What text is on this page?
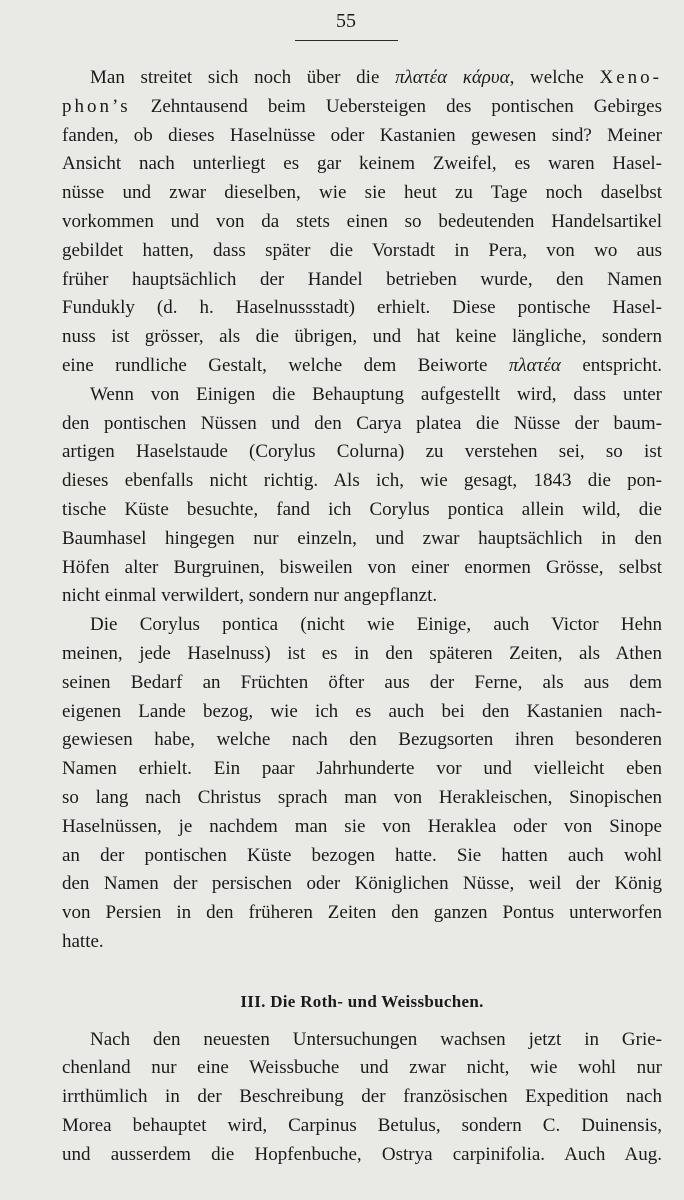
55
Man streitet sich noch über die πλατέα κάρυα, welche Xeno-
phon’s Zehntausend beim Uebersteigen des pontischen Gebirges
fanden, ob dieses Haselnüsse oder Kastanien gewesen sind? Meiner
Ansicht nach unterliegt es gar keinem Zweifel, es waren Hasel-
nüsse und zwar dieselben, wie sie heut zu Tage noch daselbst
vorkommen und von da stets einen so bedeutenden Handelsartikel
gebildet hatten, dass später die Vorstadt in Pera, von wo aus
früher hauptsächlich der Handel betrieben wurde, den Namen
Fundukly (d. h. Haselnussstadt) erhielt. Diese pontische Hasel-
nuss ist grösser, als die übrigen, und hat keine längliche, sondern
eine rundliche Gestalt, welche dem Beiworte πλατέα entspricht.
Wenn von Einigen die Behauptung aufgestellt wird, dass unter
den pontischen Nüssen und den Carya platea die Nüsse der baum-
artigen Haselstaude (Corylus Colurna) zu verstehen sei, so ist
dieses ebenfalls nicht richtig. Als ich, wie gesagt, 1843 die pon-
tische Küste besuchte, fand ich Corylus pontica allein wild, die
Baumhasel hingegen nur einzeln, und zwar hauptsächlich in den
Höfen alter Burgruinen, bisweilen von einer enormen Grösse, selbst
nicht einmal verwildert, sondern nur angepflanzt.
Die Corylus pontica (nicht wie Einige, auch Victor Hehn
meinen, jede Haselnuss) ist es in den späteren Zeiten, als Athen
seinen Bedarf an Früchten öfter aus der Ferne, als aus dem
eigenen Lande bezog, wie ich es auch bei den Kastanien nach-
gewiesen habe, welche nach den Bezugsorten ihren besonderen
Namen erhielt. Ein paar Jahrhunderte vor und vielleicht eben
so lang nach Christus sprach man von Herakleischen, Sinopischen
Haselnüssen, je nachdem man sie von Heraklea oder von Sinope
an der pontischen Küste bezogen hatte. Sie hatten auch wohl
den Namen der persischen oder Königlichen Nüsse, weil der König
von Persien in den früheren Zeiten den ganzen Pontus unterworfen
hatte.
III. Die Roth- und Weissbuchen.
Nach den neuesten Untersuchungen wachsen jetzt in Grie-
chenland nur eine Weissbuche und zwar nicht, wie wohl nur
irrthümlich in der Beschreibung der französischen Expedition nach
Morea behauptet wird, Carpinus Betulus, sondern C. Duinensis,
und ausserdem die Hopfenbuche, Ostrya carpinifolia. Auch Aug.
